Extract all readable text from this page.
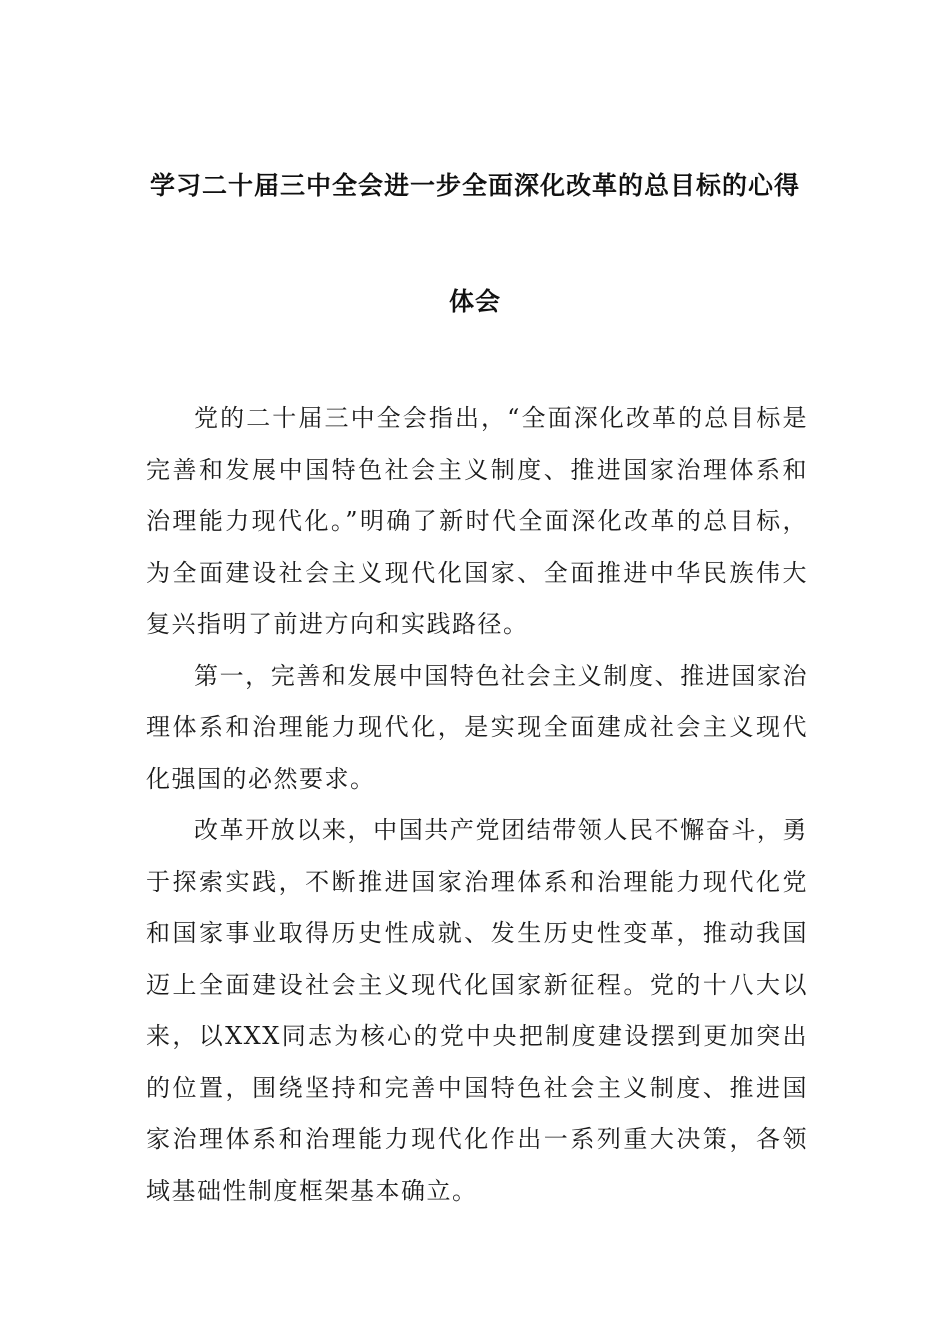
学习二十届三中全会进一步全面深化改革的总目标的心得
体会

党的二十届三中全会指出，“全面深化改革的总目标是完善和发展中国特色社会主义制度、推进国家治理体系和治理能力现代化。”明确了新时代全面深化改革的总目标，为全面建设社会主义现代化国家、全面推进中华民族伟大复兴指明了前进方向和实践路径。

第一，完善和发展中国特色社会主义制度、推进国家治理体系和治理能力现代化，是实现全面建成社会主义现代化强国的必然要求。

改革开放以来，中国共产党团结带领人民不懈奋斗，勇于探索实践，不断推进国家治理体系和治理能力现代化党和国家事业取得历史性成就、发生历史性变革，推动我国迈上全面建设社会主义现代化国家新征程。党的十八大以来，以XXX同志为核心的党中央把制度建设摆到更加突出的位置，围绕坚持和完善中国特色社会主义制度、推进国家治理体系和治理能力现代化作出一系列重大决策，各领域基础性制度框架基本确立。
